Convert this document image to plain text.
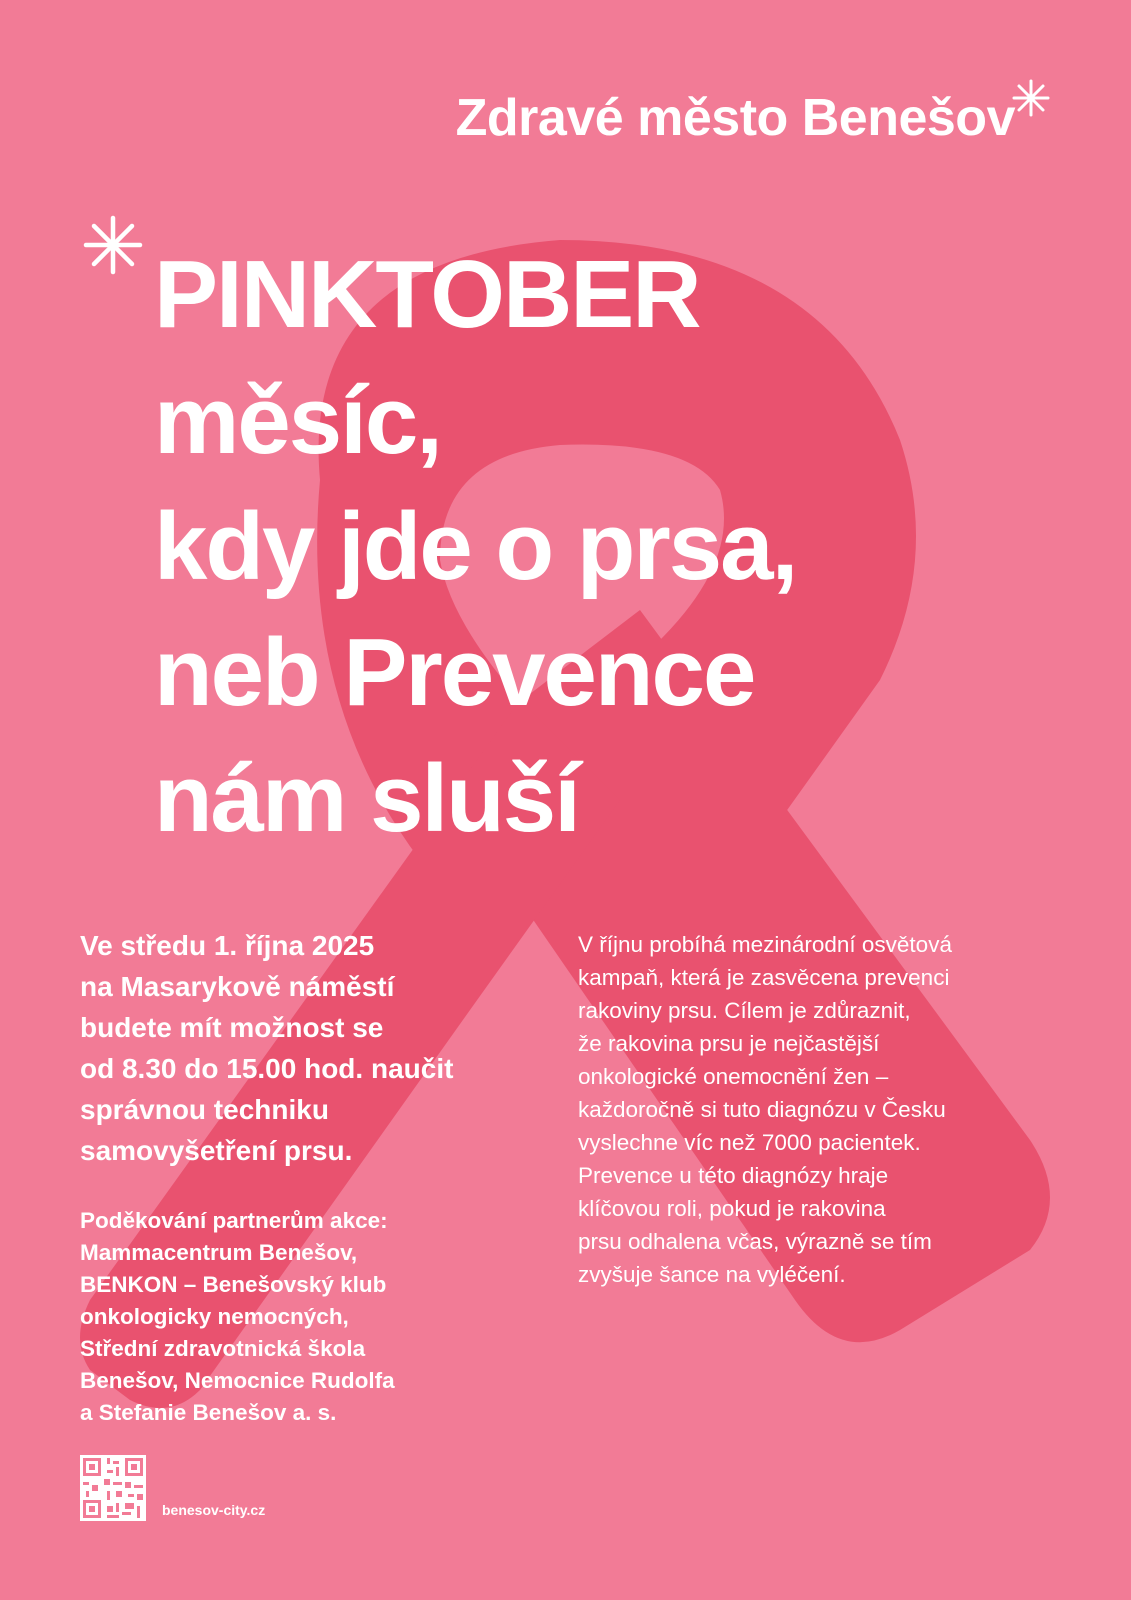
Zdravé město Benešov
PINKTOBER
měsíc,
kdy jde o prsa,
neb Prevence
nám sluší
Ve středu 1. října 2025
na Masarykově náměstí
budete mít možnost se
od 8.30 do 15.00 hod. naučit
správnou techniku
samovyšetření prsu.
Poděkování partnerům akce:
Mammacentrum Benešov,
BENKON – Benešovský klub
onkologicky nemocných,
Střední zdravotnická škola
Benešov, Nemocnice Rudolfa
a Stefanie Benešov a. s.
V říjnu probíhá mezinárodní osvětová
kampaň, která je zasvěcena prevenci
rakoviny prsu. Cílem je zdůraznit,
že rakovina prsu je nejčastější
onkologické onemocnění žen –
každoročně si tuto diagnózu v Česku
vyslechne víc než 7000 pacientek.
Prevence u této diagnózy hraje
klíčovou roli, pokud je rakovina
prsu odhalena včas, výrazně se tím
zvyšuje šance na vyléčení.
benesov-city.cz
